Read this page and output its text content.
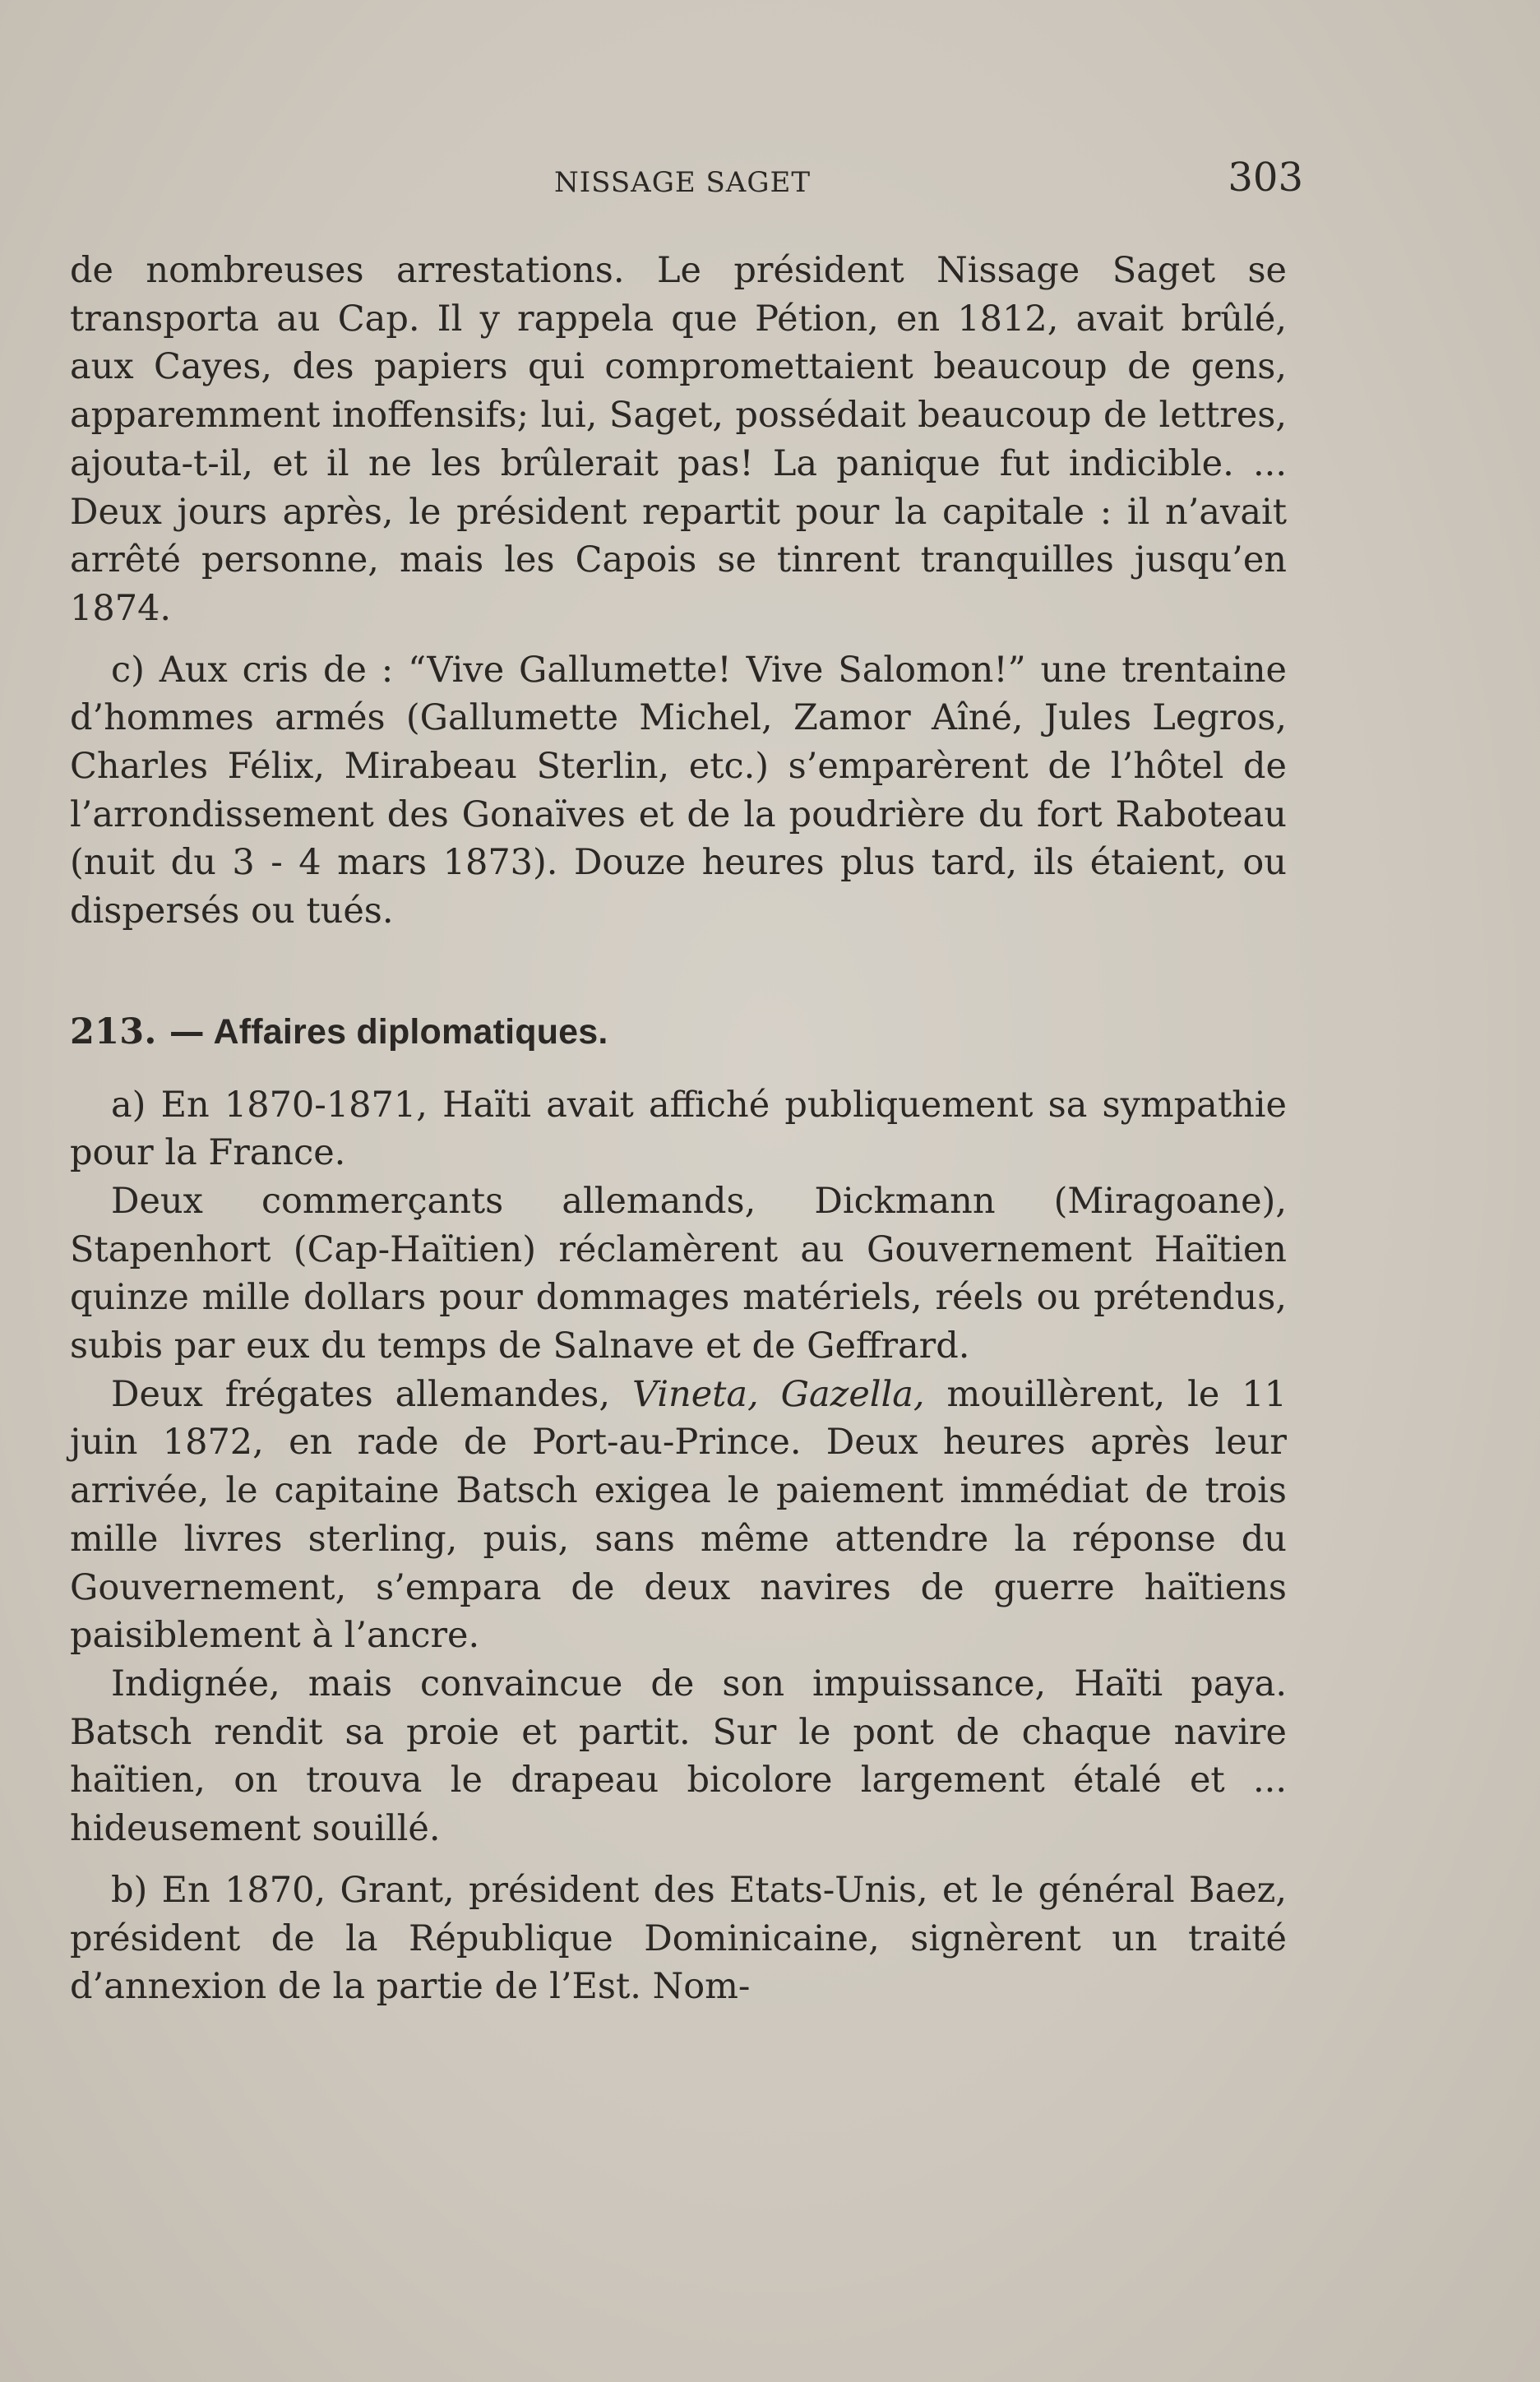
NISSAGE SAGET	303

de nombreuses arrestations. Le président Nissage Saget se transporta au Cap. Il y rappela que Pétion, en 1812, avait brûlé, aux Cayes, des papiers qui compromettaient beaucoup de gens, apparemment inoffensifs; lui, Saget, possédait beaucoup de lettres, ajouta-t-il, et il ne les brûlerait pas! La panique fut indicible. ... Deux jours après, le président repartit pour la capitale : il n’avait arrêté personne, mais les Capois se tinrent tranquilles jusqu’en 1874.

c) Aux cris de : “Vive Gallumette! Vive Salomon!” une trentaine d’hommes armés (Gallumette Michel, Zamor Aîné, Jules Legros, Charles Félix, Mirabeau Sterlin, etc.) s’emparèrent de l’hôtel de l’arrondissement des Gonaïves et de la poudrière du fort Raboteau (nuit du 3 - 4 mars 1873). Douze heures plus tard, ils étaient, ou dispersés ou tués.

213. — Affaires diplomatiques.

a) En 1870-1871, Haïti avait affiché publiquement sa sympathie pour la France.

Deux commerçants allemands, Dickmann (Miragoane), Stapenhort (Cap-Haïtien) réclamèrent au Gouvernement Haïtien quinze mille dollars pour dommages matériels, réels ou prétendus, subis par eux du temps de Salnave et de Geffrard.

Deux frégates allemandes, Vineta, Gazella, mouillèrent, le 11 juin 1872, en rade de Port-au-Prince. Deux heures après leur arrivée, le capitaine Batsch exigea le paiement immédiat de trois mille livres sterling, puis, sans même attendre la réponse du Gouvernement, s’empara de deux navires de guerre haïtiens paisiblement à l’ancre.

Indignée, mais convaincue de son impuissance, Haïti paya. Batsch rendit sa proie et partit. Sur le pont de chaque navire haïtien, on trouva le drapeau bicolore largement étalé et ... hideusement souillé.

b) En 1870, Grant, président des Etats-Unis, et le général Baez, président de la République Dominicaine, signèrent un traité d’annexion de la partie de l’Est. Nom-
